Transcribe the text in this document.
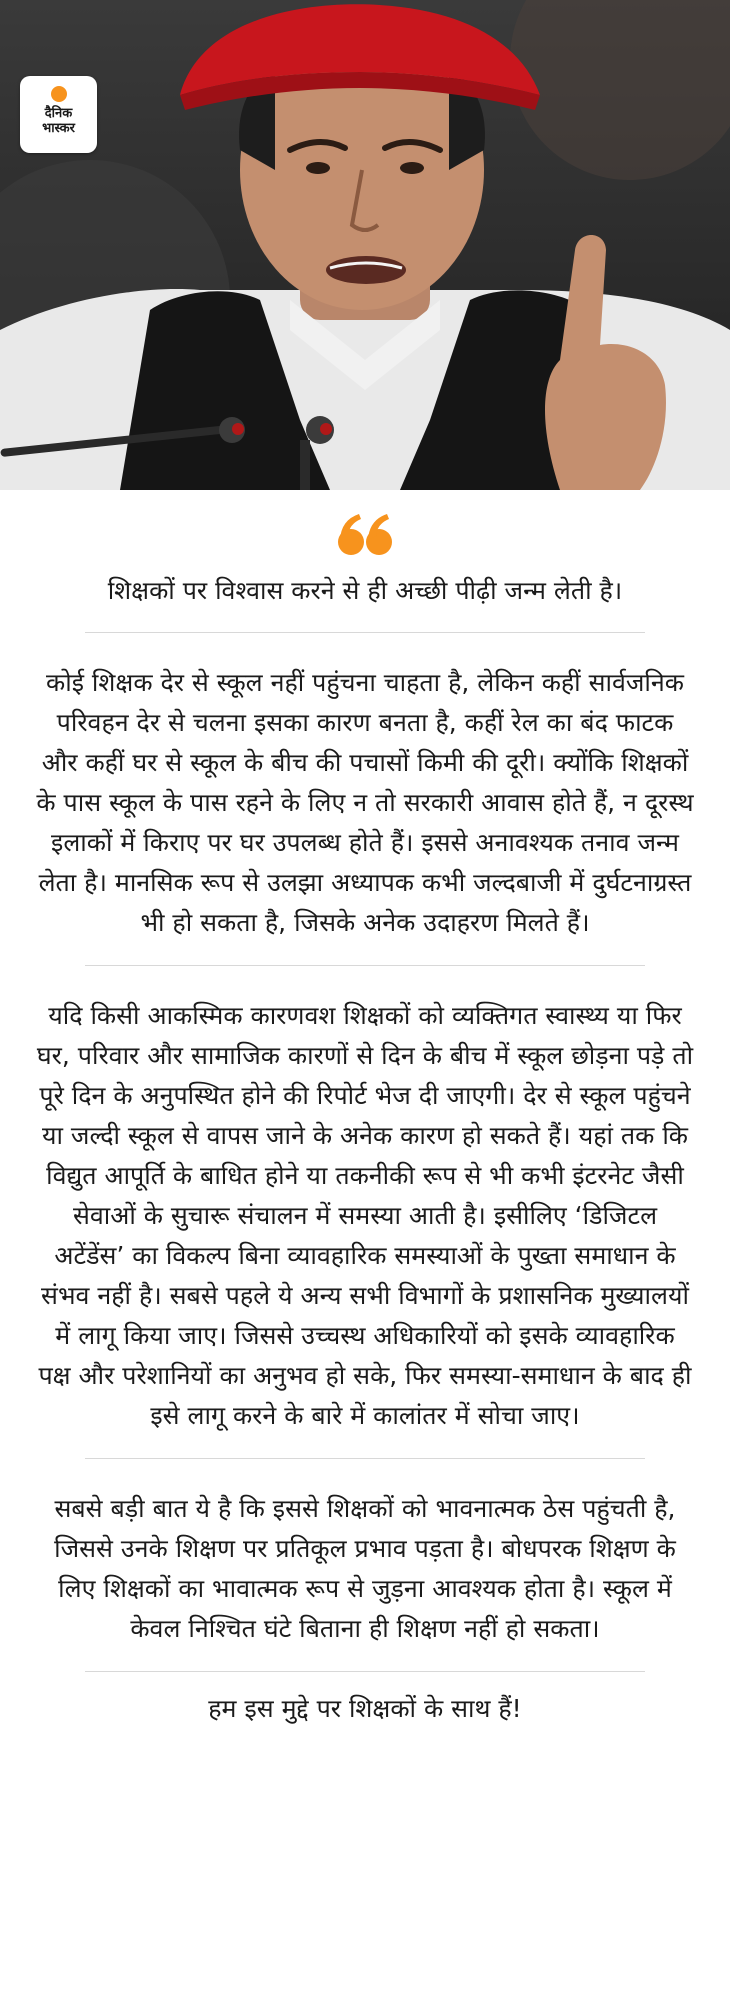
दैनिक
भास्कर

शिक्षकों पर विश्वास करने से ही अच्छी पीढ़ी जन्म लेती है।

कोई शिक्षक देर से स्कूल नहीं पहुंचना चाहता है, लेकिन कहीं सार्वजनिक परिवहन देर से चलना इसका कारण बनता है, कहीं रेल का बंद फाटक और कहीं घर से स्कूल के बीच की पचासों किमी की दूरी। क्योंकि शिक्षकों के पास स्कूल के पास रहने के लिए न तो सरकारी आवास होते हैं, न दूरस्थ इलाकों में किराए पर घर उपलब्ध होते हैं। इससे अनावश्यक तनाव जन्म लेता है। मानसिक रूप से उलझा अध्यापक कभी जल्दबाजी में दुर्घटनाग्रस्त भी हो सकता है, जिसके अनेक उदाहरण मिलते हैं।

यदि किसी आकस्मिक कारणवश शिक्षकों को व्यक्तिगत स्वास्थ्य या फिर घर, परिवार और सामाजिक कारणों से दिन के बीच में स्कूल छोड़ना पड़े तो पूरे दिन के अनुपस्थित होने की रिपोर्ट भेज दी जाएगी। देर से स्कूल पहुंचने या जल्दी स्कूल से वापस जाने के अनेक कारण हो सकते हैं। यहां तक कि विद्युत आपूर्ति के बाधित होने या तकनीकी रूप से भी कभी इंटरनेट जैसी सेवाओं के सुचारू संचालन में समस्या आती है। इसीलिए ‘डिजिटल अटेंडेंस’ का विकल्प बिना व्यावहारिक समस्याओं के पुख्ता समाधान के संभव नहीं है। सबसे पहले ये अन्य सभी विभागों के प्रशासनिक मुख्यालयों में लागू किया जाए। जिससे उच्चस्थ अधिकारियों को इसके व्यावहारिक पक्ष और परेशानियों का अनुभव हो सके, फिर समस्या-समाधान के बाद ही इसे लागू करने के बारे में कालांतर में सोचा जाए।

सबसे बड़ी बात ये है कि इससे शिक्षकों को भावनात्मक ठेस पहुंचती है, जिससे उनके शिक्षण पर प्रतिकूल प्रभाव पड़ता है। बोधपरक शिक्षण के लिए शिक्षकों का भावात्मक रूप से जुड़ना आवश्यक होता है। स्कूल में केवल निश्चित घंटे बिताना ही शिक्षण नहीं हो सकता।

हम इस मुद्दे पर शिक्षकों के साथ हैं!
